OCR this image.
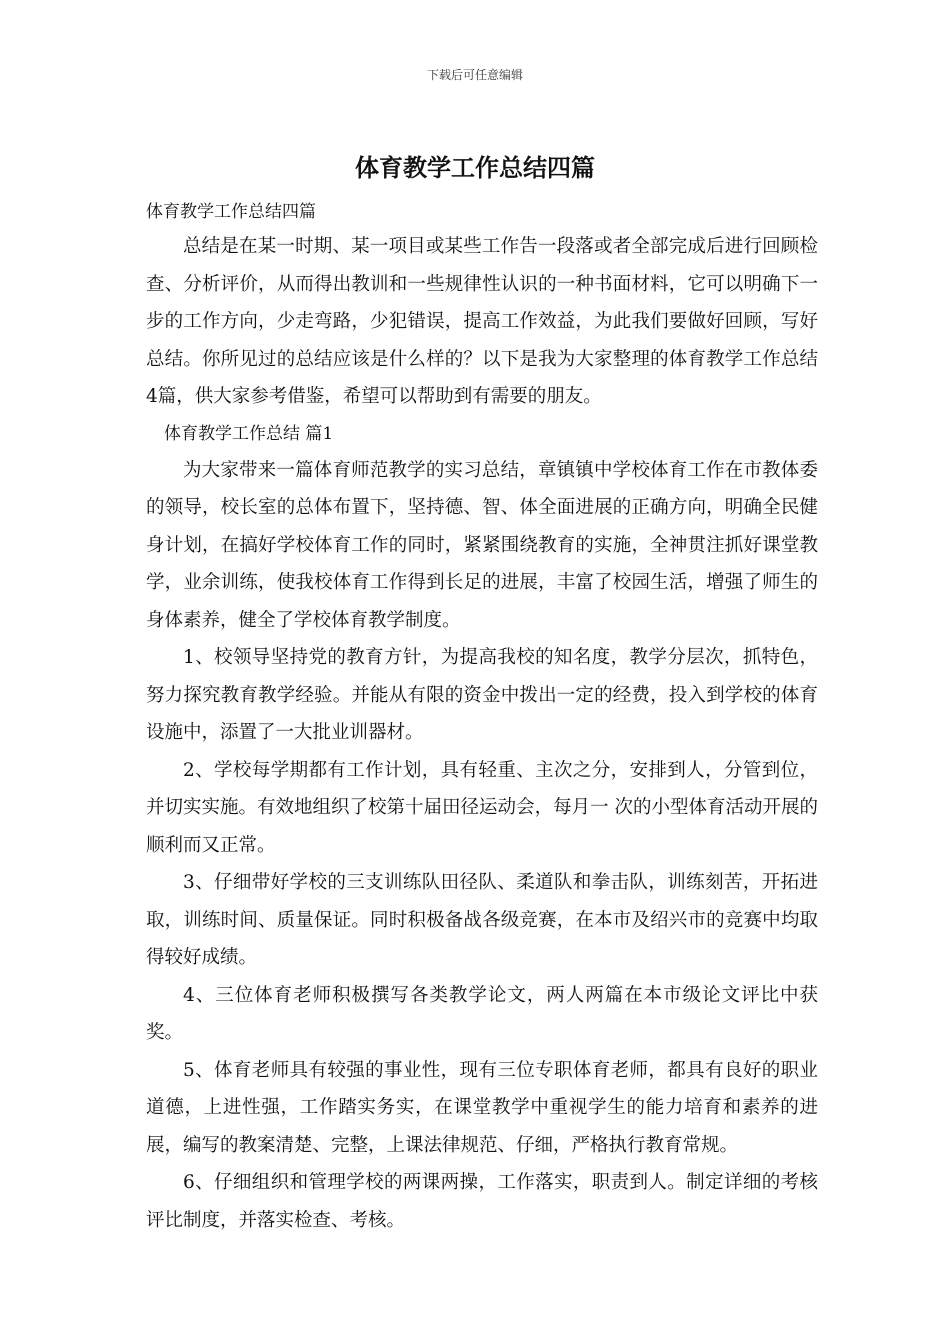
下载后可任意编辑
体育教学工作总结四篇

体育教学工作总结四篇

总结是在某一时期、某一项目或某些工作告一段落或者全部完成后进行回顾检查、分析评价，从而得出教训和一些规律性认识的一种书面材料，它可以明确下一步的工作方向，少走弯路，少犯错误，提高工作效益，为此我们要做好回顾，写好总结。你所见过的总结应该是什么样的？以下是我为大家整理的体育教学工作总结4篇，供大家参考借鉴，希望可以帮助到有需要的朋友。

体育教学工作总结 篇1

为大家带来一篇体育师范教学的实习总结，章镇镇中学校体育工作在市教体委的领导，校长室的总体布置下，坚持德、智、体全面进展的正确方向，明确全民健身计划，在搞好学校体育工作的同时，紧紧围绕教育的实施，全神贯注抓好课堂教学，业余训练，使我校体育工作得到长足的进展，丰富了校园生活，增强了师生的身体素养，健全了学校体育教学制度。

1、校领导坚持党的教育方针，为提高我校的知名度，教学分层次，抓特色，努力探究教育教学经验。并能从有限的资金中拨出一定的经费，投入到学校的体育设施中，添置了一大批业训器材。

2、学校每学期都有工作计划，具有轻重、主次之分，安排到人，分管到位，并切实实施。有效地组织了校第十届田径运动会，每月一 次的小型体育活动开展的顺利而又正常。

3、仔细带好学校的三支训练队田径队、柔道队和拳击队，训练刻苦，开拓进取，训练时间、质量保证。同时积极备战各级竞赛，在本市及绍兴市的竞赛中均取得较好成绩。

4、三位体育老师积极撰写各类教学论文，两人两篇在本市级论文评比中获奖。

5、体育老师具有较强的事业性，现有三位专职体育老师，都具有良好的职业道德，上进性强，工作踏实务实，在课堂教学中重视学生的能力培育和素养的进展，编写的教案清楚、完整，上课法律规范、仔细，严格执行教育常规。

6、仔细组织和管理学校的两课两操，工作落实，职责到人。制定详细的考核评比制度，并落实检查、考核。
